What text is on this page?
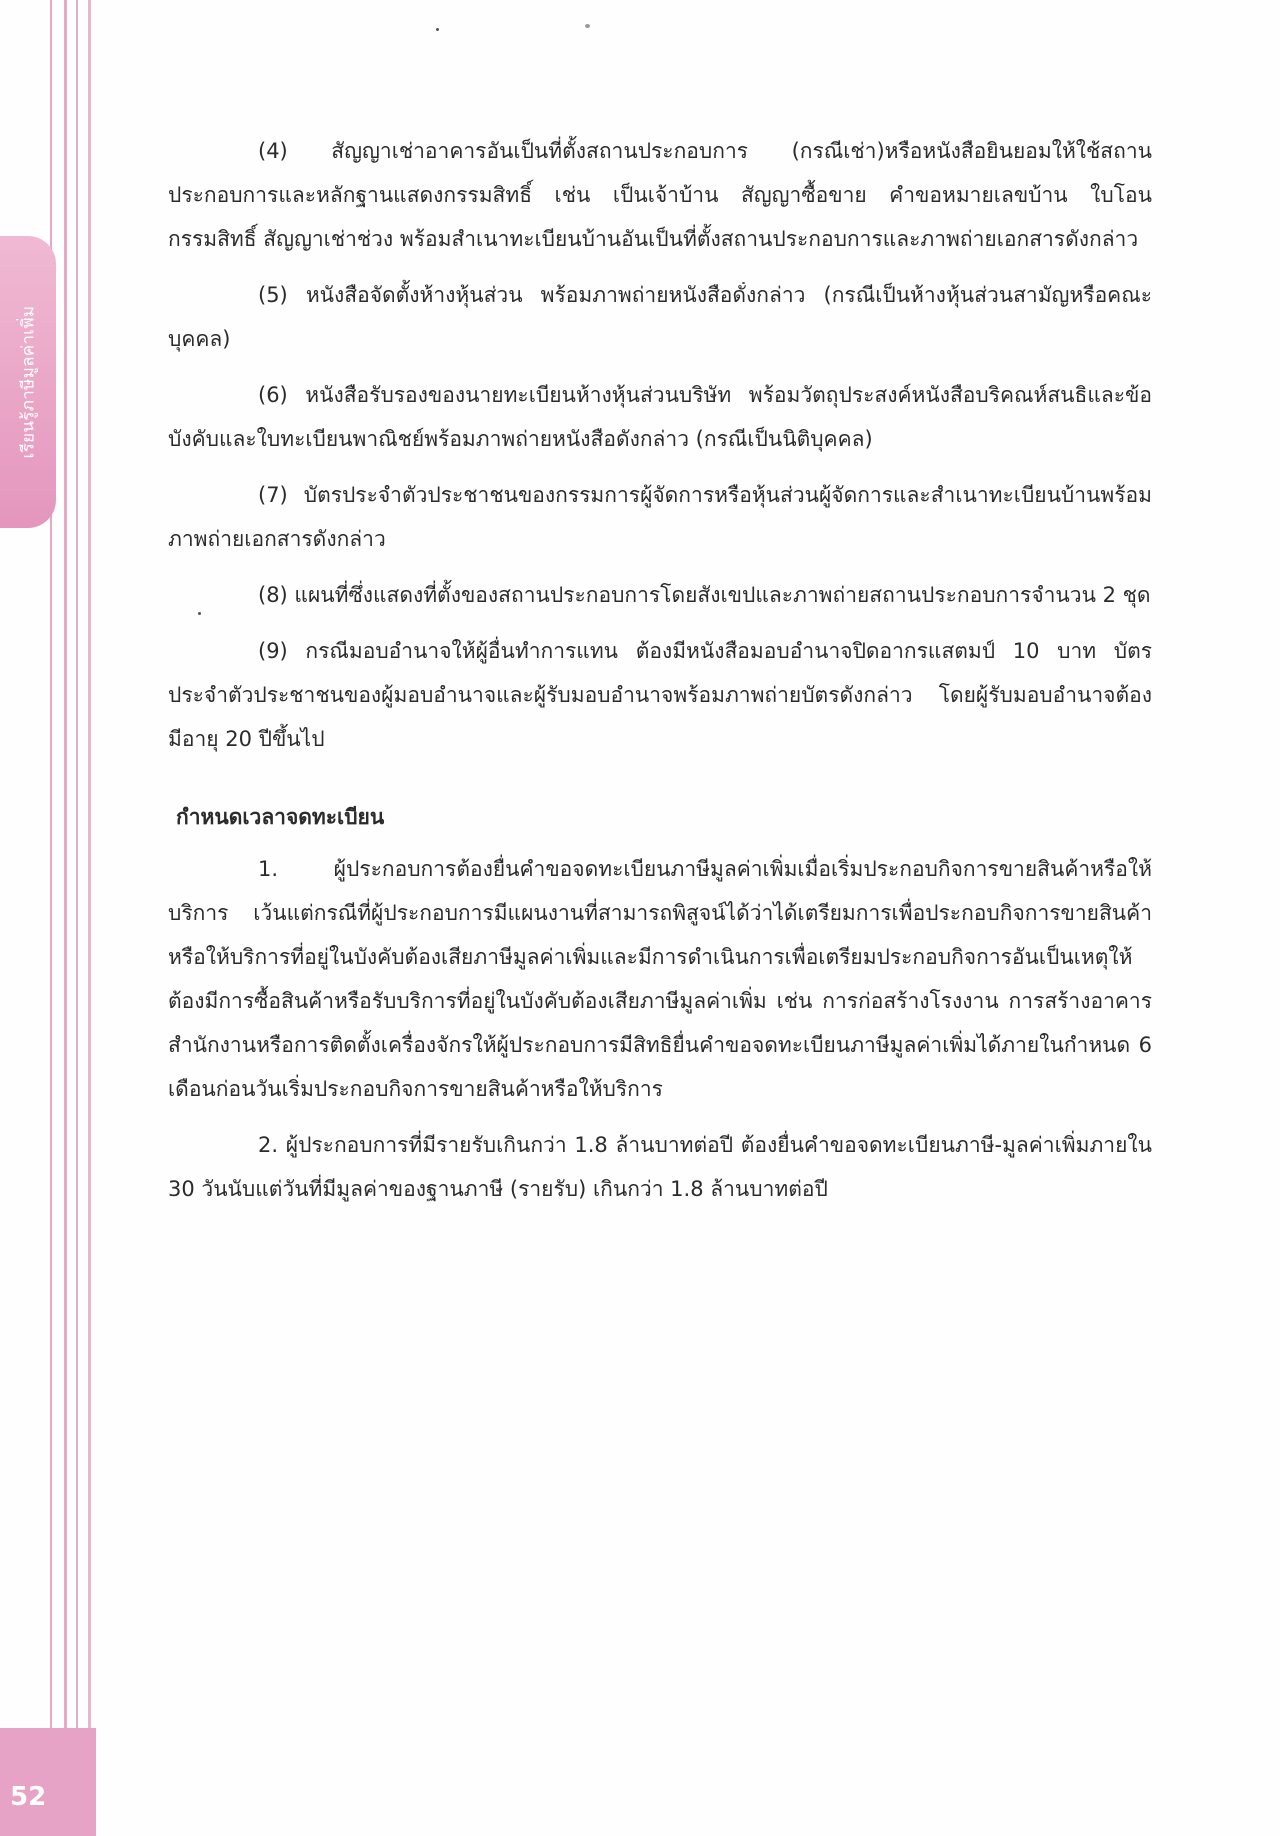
เรียนรู้ภาษีมูลค่าเพิ่ม
52

(4) สัญญาเช่าอาคารอันเป็นที่ตั้งสถานประกอบการ (กรณีเช่า)หรือหนังสือยินยอมให้ใช้สถานประกอบการและหลักฐานแสดงกรรมสิทธิ์ เช่น เป็นเจ้าบ้าน สัญญาซื้อขาย คำขอหมายเลขบ้าน ใบโอนกรรมสิทธิ์ สัญญาเช่าช่วง พร้อมสำเนาทะเบียนบ้านอันเป็นที่ตั้งสถานประกอบการและภาพถ่ายเอกสารดังกล่าว

(5) หนังสือจัดตั้งห้างหุ้นส่วน พร้อมภาพถ่ายหนังสือดังกล่าว (กรณีเป็นห้างหุ้นส่วนสามัญหรือคณะบุคคล)

(6) หนังสือรับรองของนายทะเบียนห้างหุ้นส่วนบริษัท พร้อมวัตถุประสงค์หนังสือบริคณห์สนธิและข้อบังคับและใบทะเบียนพาณิชย์พร้อมภาพถ่ายหนังสือดังกล่าว (กรณีเป็นนิติบุคคล)

(7) บัตรประจำตัวประชาชนของกรรมการผู้จัดการหรือหุ้นส่วนผู้จัดการและสำเนาทะเบียนบ้านพร้อมภาพถ่ายเอกสารดังกล่าว

(8) แผนที่ซึ่งแสดงที่ตั้งของสถานประกอบการโดยสังเขปและภาพถ่ายสถานประกอบการจำนวน 2 ชุด

(9) กรณีมอบอำนาจให้ผู้อื่นทำการแทน ต้องมีหนังสือมอบอำนาจปิดอากรแสตมป์ 10 บาท บัตรประจำตัวประชาชนของผู้มอบอำนาจและผู้รับมอบอำนาจพร้อมภาพถ่ายบัตรดังกล่าว โดยผู้รับมอบอำนาจต้องมีอายุ 20 ปีขึ้นไป

กำหนดเวลาจดทะเบียน

1. ผู้ประกอบการต้องยื่นคำขอจดทะเบียนภาษีมูลค่าเพิ่มเมื่อเริ่มประกอบกิจการขายสินค้าหรือให้บริการ เว้นแต่กรณีที่ผู้ประกอบการมีแผนงานที่สามารถพิสูจน์ได้ว่าได้เตรียมการเพื่อประกอบกิจการขายสินค้าหรือให้บริการที่อยู่ในบังคับต้องเสียภาษีมูลค่าเพิ่มและมีการดำเนินการเพื่อเตรียมประกอบกิจการอันเป็นเหตุให้ต้องมีการซื้อสินค้าหรือรับบริการที่อยู่ในบังคับต้องเสียภาษีมูลค่าเพิ่ม เช่น การก่อสร้างโรงงาน การสร้างอาคารสำนักงานหรือการติดตั้งเครื่องจักรให้ผู้ประกอบการมีสิทธิยื่นคำขอจดทะเบียนภาษีมูลค่าเพิ่มได้ภายในกำหนด 6 เดือนก่อนวันเริ่มประกอบกิจการขายสินค้าหรือให้บริการ

2. ผู้ประกอบการที่มีรายรับเกินกว่า 1.8 ล้านบาทต่อปี ต้องยื่นคำขอจดทะเบียนภาษี-มูลค่าเพิ่มภายใน 30 วันนับแต่วันที่มีมูลค่าของฐานภาษี (รายรับ) เกินกว่า 1.8 ล้านบาทต่อปี
